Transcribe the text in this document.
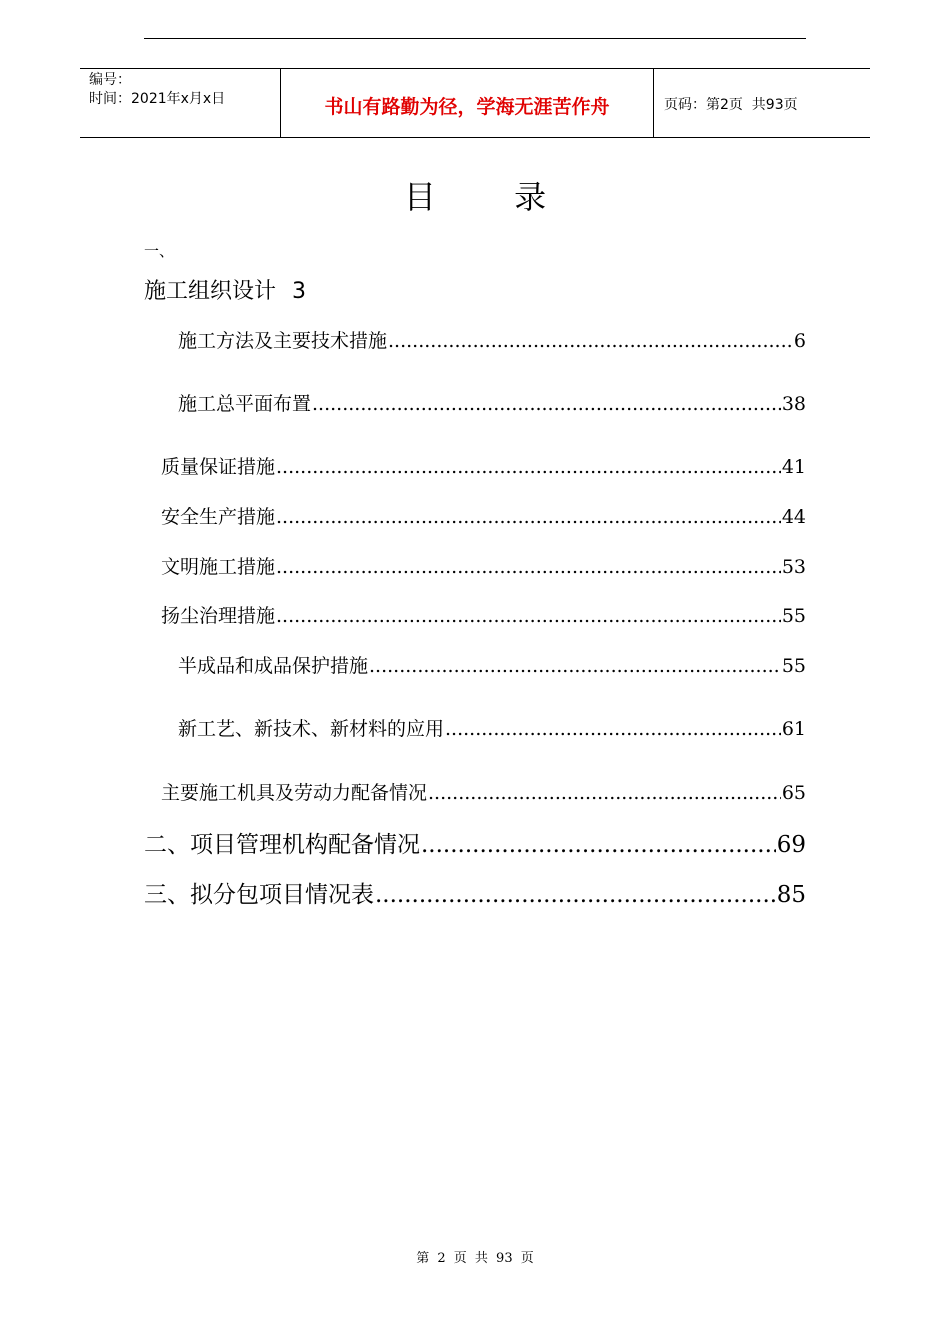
编号：
时间：2021年x月x日	书山有路勤为径，学海无涯苦作舟	页码：第2页  共93页
目 录
一、
施工组织设计 3
施工方法及主要技术措施 .....	6
施工总平面布置 .....	38
质量保证措施 .....	41
安全生产措施 .....	44
文明施工措施 .....	53
扬尘治理措施 .....	55
半成品和成品保护措施 .....	55
新工艺、新技术、新材料的应用 .....	61
主要施工机具及劳动力配备情况 .....	65
二、项目管理机构配备情况 .....	69
三、拟分包项目情况表 .....	85
第 2 页 共 93 页
